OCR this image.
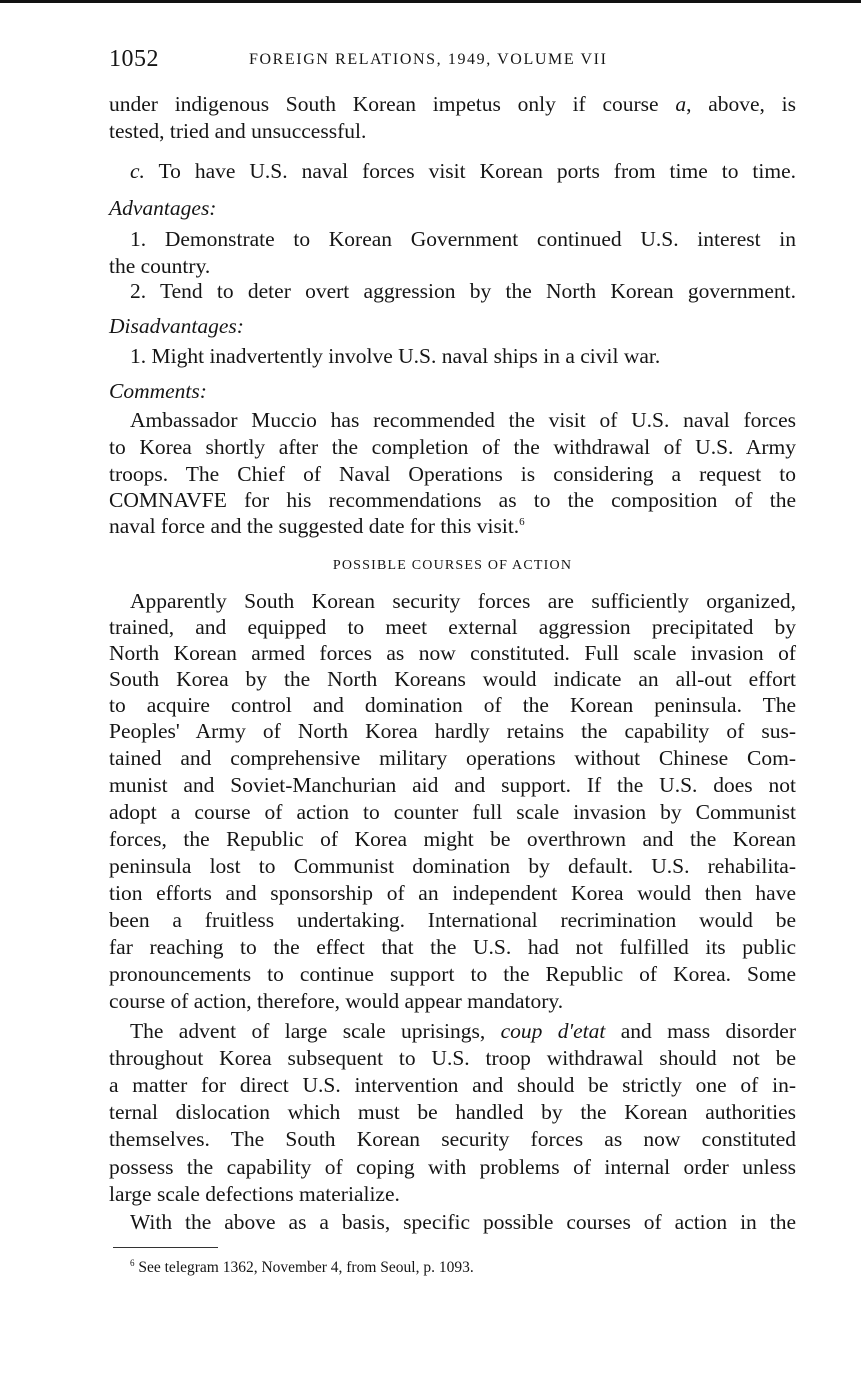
1052	FOREIGN RELATIONS, 1949, VOLUME VII
under indigenous South Korean impetus only if course a, above, is
tested, tried and unsuccessful.
c. To have U.S. naval forces visit Korean ports from time to time.
Advantages:
1. Demonstrate to Korean Government continued U.S. interest in
the country.
2. Tend to deter overt aggression by the North Korean government.
Disadvantages:
1. Might inadvertently involve U.S. naval ships in a civil war.
Comments:
Ambassador Muccio has recommended the visit of U.S. naval forces
to Korea shortly after the completion of the withdrawal of U.S. Army
troops. The Chief of Naval Operations is considering a request to
COMNAVFE for his recommendations as to the composition of the
naval force and the suggested date for this visit.$^6$
POSSIBLE COURSES OF ACTION
Apparently South Korean security forces are sufficiently organized,
trained, and equipped to meet external aggression precipitated by
North Korean armed forces as now constituted. Full scale invasion of
South Korea by the North Koreans would indicate an all-out effort
to acquire control and domination of the Korean peninsula. The
Peoples' Army of North Korea hardly retains the capability of sus-
tained and comprehensive military operations without Chinese Com-
munist and Soviet-Manchurian aid and support. If the U.S. does not
adopt a course of action to counter full scale invasion by Communist
forces, the Republic of Korea might be overthrown and the Korean
peninsula lost to Communist domination by default. U.S. rehabilita-
tion efforts and sponsorship of an independent Korea would then have
been a fruitless undertaking. International recrimination would be
far reaching to the effect that the U.S. had not fulfilled its public
pronouncements to continue support to the Republic of Korea. Some
course of action, therefore, would appear mandatory.
The advent of large scale uprisings, coup d'etat and mass disorder
throughout Korea subsequent to U.S. troop withdrawal should not be
a matter for direct U.S. intervention and should be strictly one of in-
ternal dislocation which must be handled by the Korean authorities
themselves. The South Korean security forces as now constituted
possess the capability of coping with problems of internal order unless
large scale defections materialize.
With the above as a basis, specific possible courses of action in the
$^6$ See telegram 1362, November 4, from Seoul, p. 1093.
